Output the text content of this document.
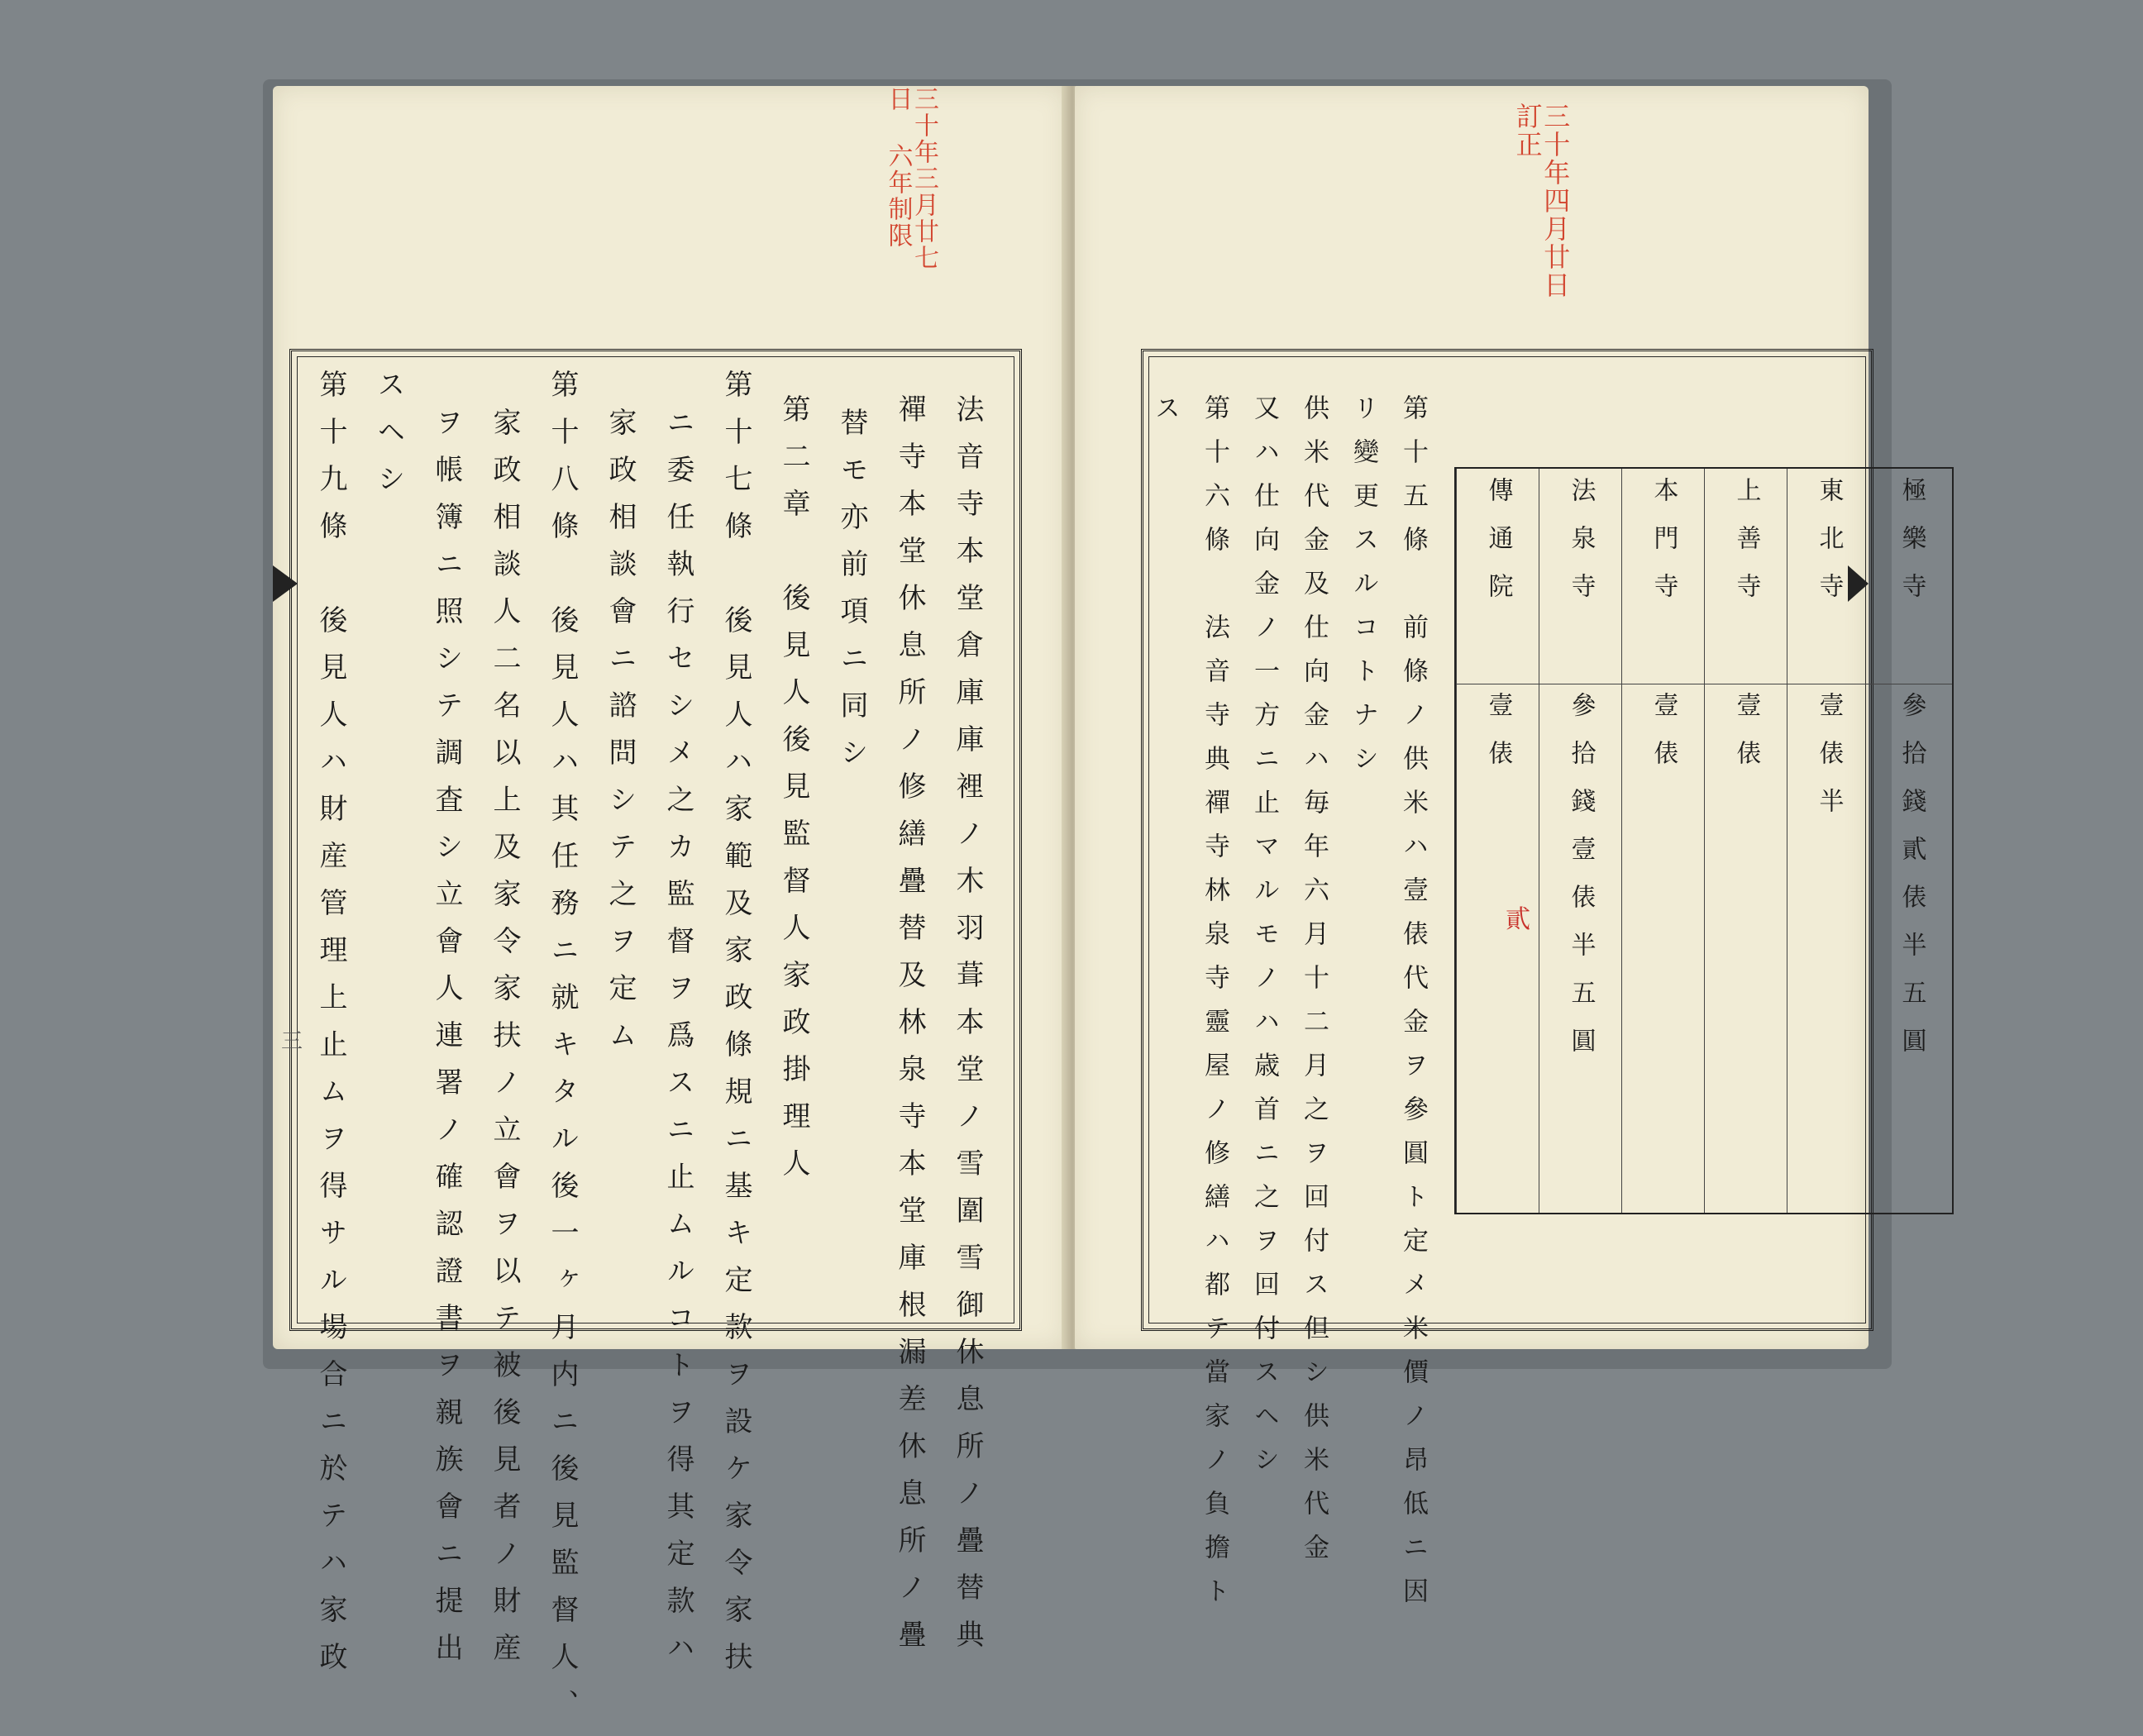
三十年三月廿七日 六年制限
法音寺本堂倉庫庫裡ノ木羽葺本堂ノ雪圍雪御休息所ノ疊替典
禪寺本堂休息所ノ修繕疊替及林泉寺本堂庫根漏差休息所ノ疊
替モ亦前項ニ同シ
第二章　後見人後見監督人家政掛理人
第十七條　後見人ハ家範及家政條規ニ基キ定款ヲ設ケ家令家扶
ニ委任執行セシメ之カ監督ヲ爲スニ止ムルコトヲ得其定款ハ
家政相談會ニ諮問シテ之ヲ定ム
第十八條　後見人ハ其任務ニ就キタル後一ヶ月内ニ後見監督人、
家政相談人二名以上及家令家扶ノ立會ヲ以テ被後見者ノ財産
ヲ帳簿ニ照シテ調査シ立會人連署ノ確認證書ヲ親族會ニ提出
スヘシ
第十九條　後見人ハ財産管理上止ムヲ得サル場合ニ於テハ家政
三
三十年四月廿日訂正
第十五條　前條ノ供米ハ壹俵代金ヲ參圓ト定メ米價ノ昂低ニ因
リ變更スルコトナシ
供米代金及仕向金ハ毎年六月十二月之ヲ回付ス但シ供米代金
又ハ仕向金ノ一方ニ止マルモノハ歳首ニ之ヲ回付スヘシ
第十六條　法音寺典禪寺林泉寺靈屋ノ修繕ハ都テ當家ノ負擔ト
ス
極樂寺
參拾錢貳俵半五圓
東北寺
壹俵半
上善寺
壹俵
本門寺
壹俵
法泉寺
參拾錢壹俵半五圓
傳通院
壹俵
貳
